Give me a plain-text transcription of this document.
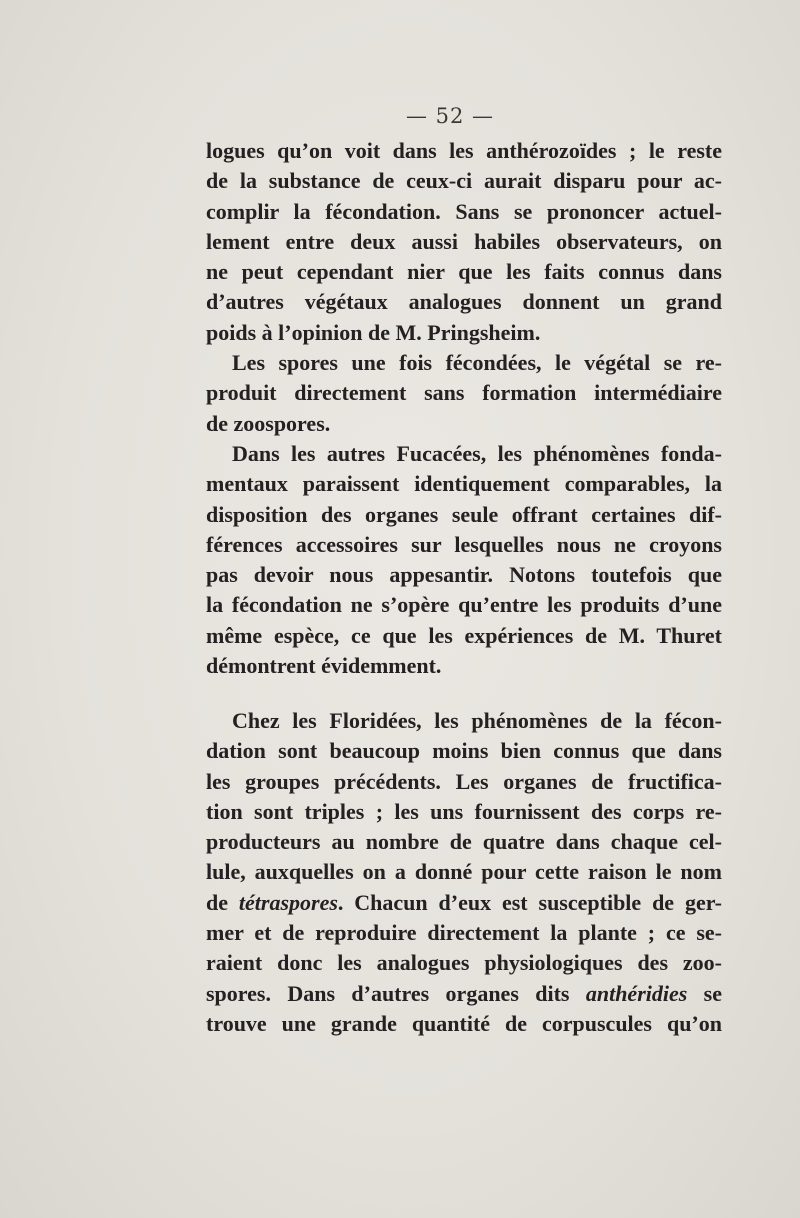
— 52 —
logues qu’on voit dans les anthérozoïdes ; le reste
de la substance de ceux-ci aurait disparu pour ac-
complir la fécondation. Sans se prononcer actuel-
lement entre deux aussi habiles observateurs, on
ne peut cependant nier que les faits connus dans
d’autres végétaux analogues donnent un grand
poids à l’opinion de M. Pringsheim.
Les spores une fois fécondées, le végétal se re-
produit directement sans formation intermédiaire
de zoospores.
Dans les autres Fucacées, les phénomènes fonda-
mentaux paraissent identiquement comparables, la
disposition des organes seule offrant certaines dif-
férences accessoires sur lesquelles nous ne croyons
pas devoir nous appesantir. Notons toutefois que
la fécondation ne s’opère qu’entre les produits d’une
même espèce, ce que les expériences de M. Thuret
démontrent évidemment.
Chez les Floridées, les phénomènes de la fécon-
dation sont beaucoup moins bien connus que dans
les groupes précédents. Les organes de fructifica-
tion sont triples ; les uns fournissent des corps re-
producteurs au nombre de quatre dans chaque cel-
lule, auxquelles on a donné pour cette raison le nom
de tétraspores. Chacun d’eux est susceptible de ger-
mer et de reproduire directement la plante ; ce se-
raient donc les analogues physiologiques des zoo-
spores. Dans d’autres organes dits anthéridies se
trouve une grande quantité de corpuscules qu’on
